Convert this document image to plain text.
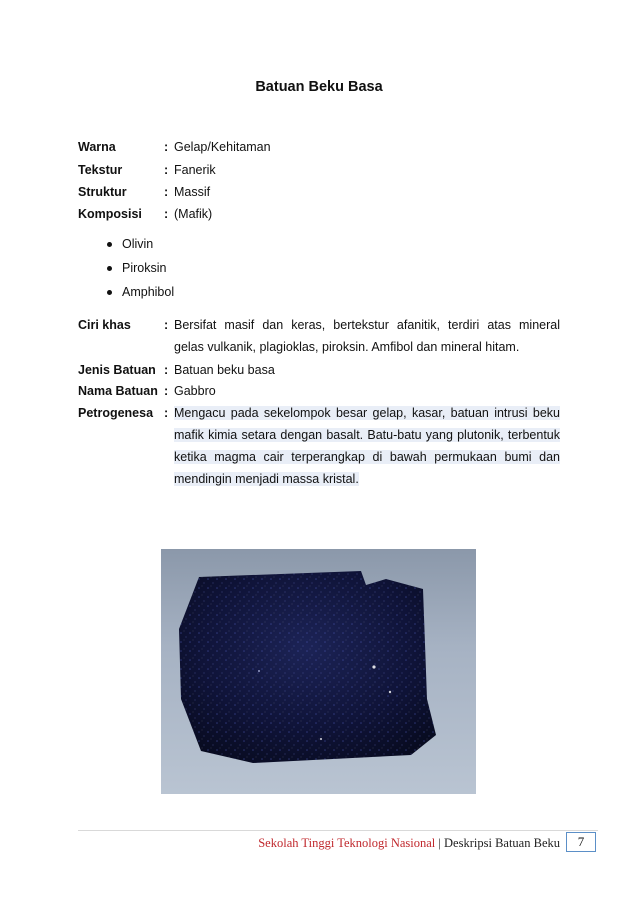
Batuan Beku Basa
Warna	: Gelap/Kehitaman
Tekstur	: Fanerik
Struktur	: Massif
Komposisi : (Mafik)
Olivin
Piroksin
Amphibol
Ciri khas	: Bersifat masif dan keras, bertekstur afanitik, terdiri atas mineral
gelas vulkanik, plagioklas, piroksin. Amfibol dan mineral hitam.
Jenis Batuan : Batuan beku basa
Nama Batuan : Gabbro
Petrogenesa : Mengacu pada sekelompok besar gelap, kasar, batuan intrusi beku mafik kimia setara dengan basalt. Batu-batu yang plutonik, terbentuk ketika magma cair terperangkap di bawah permukaan bumi dan mendingin menjadi massa kristal.
Sekolah Tinggi Teknologi Nasional | Deskripsi Batuan Beku	7
